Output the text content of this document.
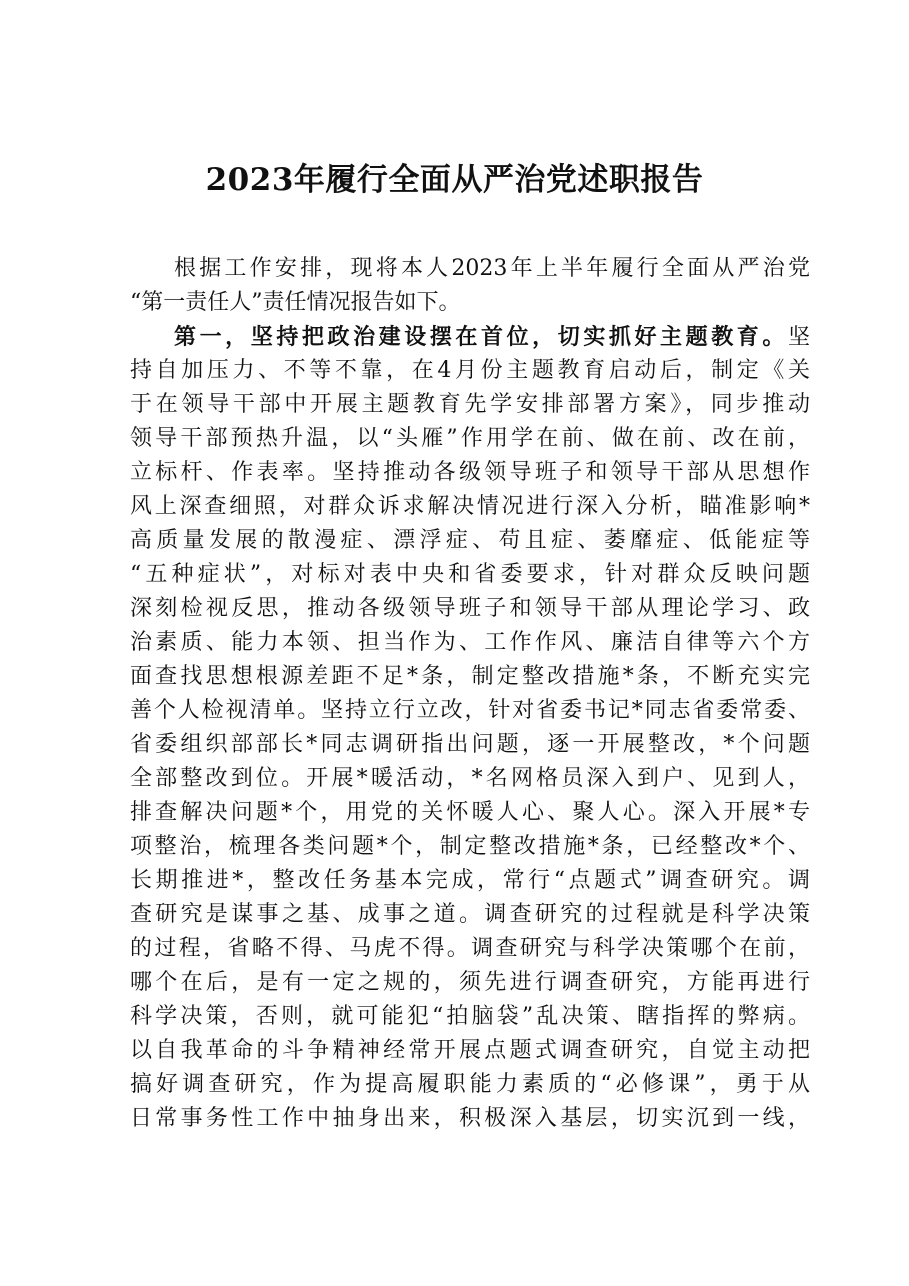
2023年履行全面从严治党述职报告
根据工作安排，现将本人2023年上半年履行全面从严治党
“第一责任人”责任情况报告如下。
第一，坚持把政治建设摆在首位，切实抓好主题教育。坚
持自加压力、不等不靠，在4月份主题教育启动后，制定《关
于在领导干部中开展主题教育先学安排部署方案》，同步推动
领导干部预热升温，以“头雁”作用学在前、做在前、改在前，
立标杆、作表率。坚持推动各级领导班子和领导干部从思想作
风上深查细照，对群众诉求解决情况进行深入分析，瞄准影响*
高质量发展的散漫症、漂浮症、苟且症、萎靡症、低能症等
“五种症状”，对标对表中央和省委要求，针对群众反映问题
深刻检视反思，推动各级领导班子和领导干部从理论学习、政
治素质、能力本领、担当作为、工作作风、廉洁自律等六个方
面查找思想根源差距不足*条，制定整改措施*条，不断充实完
善个人检视清单。坚持立行立改，针对省委书记*同志省委常委、
省委组织部部长*同志调研指出问题，逐一开展整改，*个问题
全部整改到位。开展*暖活动，*名网格员深入到户、见到人，
排查解决问题*个，用党的关怀暖人心、聚人心。深入开展*专
项整治，梳理各类问题*个，制定整改措施*条，已经整改*个、
长期推进*，整改任务基本完成，常行“点题式”调查研究。调
查研究是谋事之基、成事之道。调查研究的过程就是科学决策
的过程，省略不得、马虎不得。调查研究与科学决策哪个在前，
哪个在后，是有一定之规的，须先进行调查研究，方能再进行
科学决策，否则，就可能犯“拍脑袋”乱决策、瞎指挥的弊病。
以自我革命的斗争精神经常开展点题式调查研究，自觉主动把
搞好调查研究，作为提高履职能力素质的“必修课”，勇于从
日常事务性工作中抽身出来，积极深入基层，切实沉到一线，
